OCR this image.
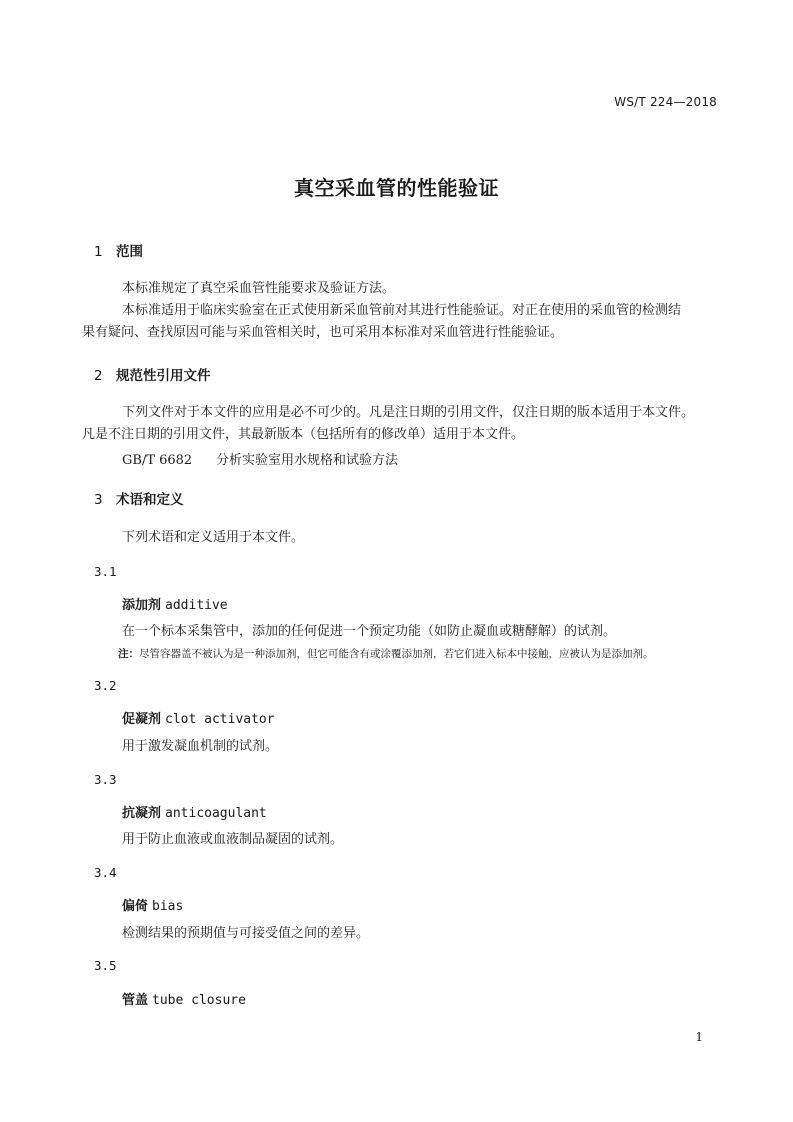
WS/T 224—2018
真空采血管的性能验证
1 范围
本标准规定了真空采血管性能要求及验证方法。
本标准适用于临床实验室在正式使用新采血管前对其进行性能验证。对正在使用的采血管的检测结
果有疑问、查找原因可能与采血管相关时，也可采用本标准对采血管进行性能验证。
2 规范性引用文件
下列文件对于本文件的应用是必不可少的。凡是注日期的引用文件，仅注日期的版本适用于本文件。
凡是不注日期的引用文件，其最新版本（包括所有的修改单）适用于本文件。
GB/T 6682 分析实验室用水规格和试验方法
3 术语和定义
下列术语和定义适用于本文件。
3.1
添加剂 additive
在一个标本采集管中，添加的任何促进一个预定功能（如防止凝血或糖酵解）的试剂。
注：尽管容器盖不被认为是一种添加剂，但它可能含有或涂覆添加剂，若它们进入标本中接触，应被认为是添加剂。
3.2
促凝剂 clot activator
用于激发凝血机制的试剂。
3.3
抗凝剂 anticoagulant
用于防止血液或血液制品凝固的试剂。
3.4
偏倚 bias
检测结果的预期值与可接受值之间的差异。
3.5
管盖 tube closure
1
